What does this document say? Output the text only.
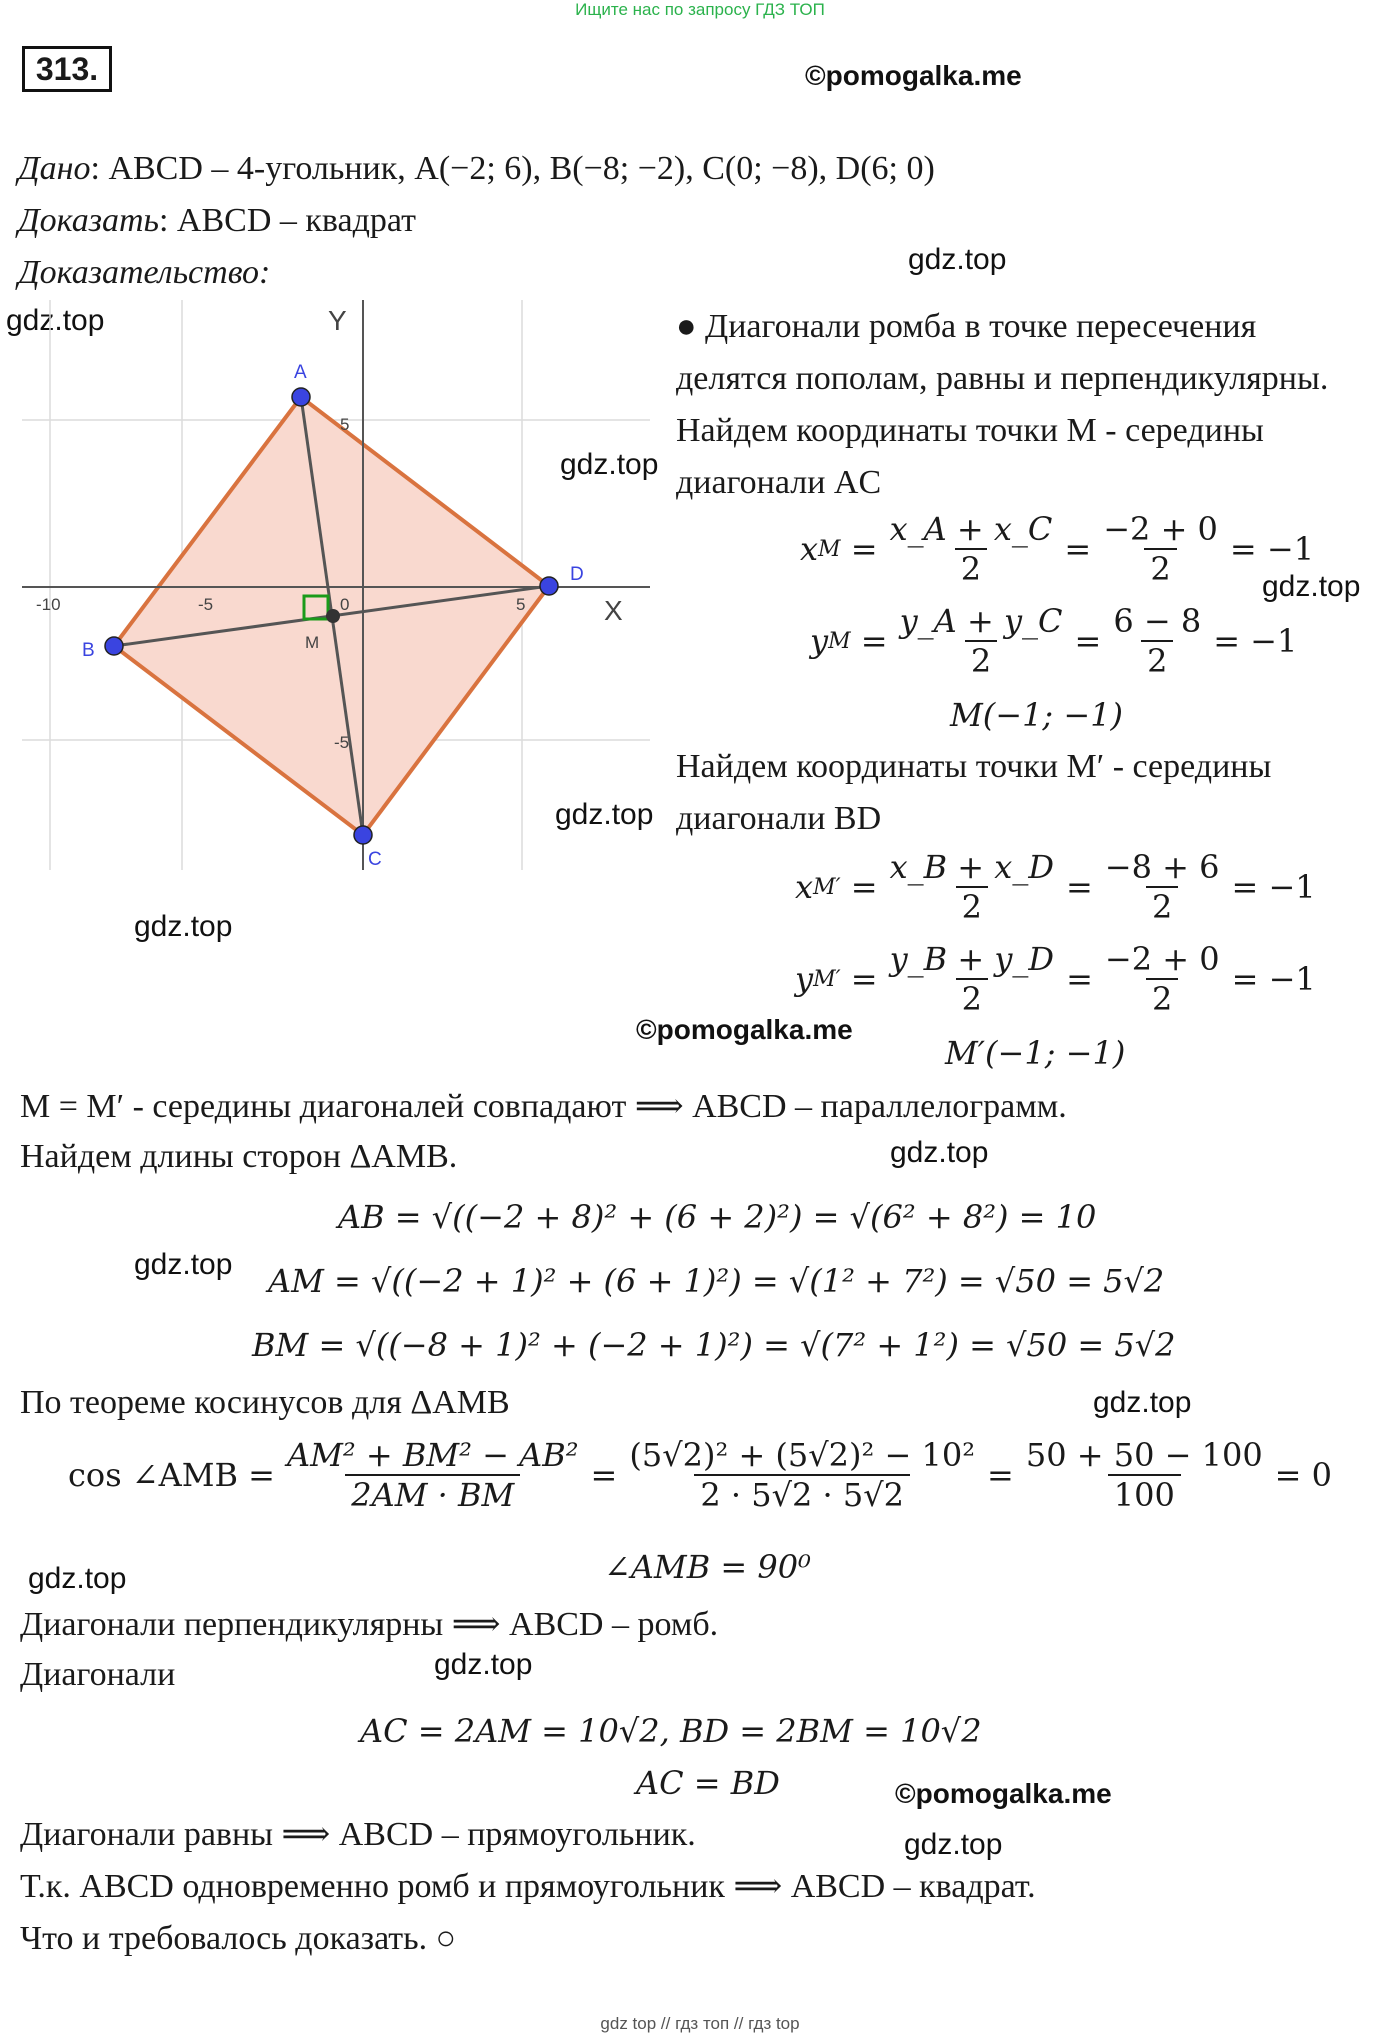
Ищите нас по запросу ГДЗ ТОП
313.	©pomogalka.me
Дано: ABCD – 4-угольник, A(−2; 6), B(−8; −2), C(0; −8), D(6; 0)
Доказать: ABCD – квадрат
Доказательство:	gdz.top
gdz.top	Y
X
-10	-5	0	5
5
-5
A
B
C
D
M
gdz.top
gdz.top
gdz.top
gdz.top
● Диагонали ромба в точке пересечения
делятся пополам, равны и перпендикулярны.
Найдем координаты точки M - середины
диагонали AC
x $M = \frac{x\_A + x\_C}{2} = \frac{-2 + 0}{2} = -1$
y $M = \frac{y\_A + y\_C}{2} = \frac{6 - 8}{2} = -1$
M(−1; −1)
Найдем координаты точки M′ - середины
диагонали BD
x $M' = \frac{x\_B + x\_D}{2} = \frac{-8 + 6}{2} = -1$
y $M' = \frac{y\_B + y\_D}{2} = \frac{-2 + 0}{2} = -1$
M′(−1; −1)
©pomogalka.me
M = M′ - середины диагоналей совпадают ⟹ ABCD – параллелограмм.
Найдем длины сторон ΔAMB.	gdz.top
AB = √((−2 + 8)² + (6 + 2)²) = √(6² + 8²) = 10
gdz.top AM = √((−2 + 1)² + (6 + 1)²) = √(1² + 7²) = √50 = 5√2
BM = √((−8 + 1)² + (−2 + 1)²) = √(7² + 1²) = √50 = 5√2
По теореме косинусов для ΔAMB	gdz.top
cos ∠AMB = $\frac{\text{AM² + BM² − AB²}}{2AM \cdot BM} = \frac{\text{(5√2)² + (5√2)² − 10²}}{2 \cdot 5√2 \cdot 5√2} = \frac{50 + 50 - 100}{100} = 0$
∠AMB = 90⁰
gdz.top
Диагонали перпендикулярны ⟹ ABCD – ромб.
Диагонали	gdz.top
AC = 2AM = 10√2, BD = 2BM = 10√2
AC = BD	©pomogalka.me
Диагонали равны ⟹ ABCD – прямоугольник.	gdz.top
Т.к. ABCD одновременно ромб и прямоугольник ⟹ ABCD – квадрат.
Что и требовалось доказать. ○
gdz top // гдз топ // гдз top
